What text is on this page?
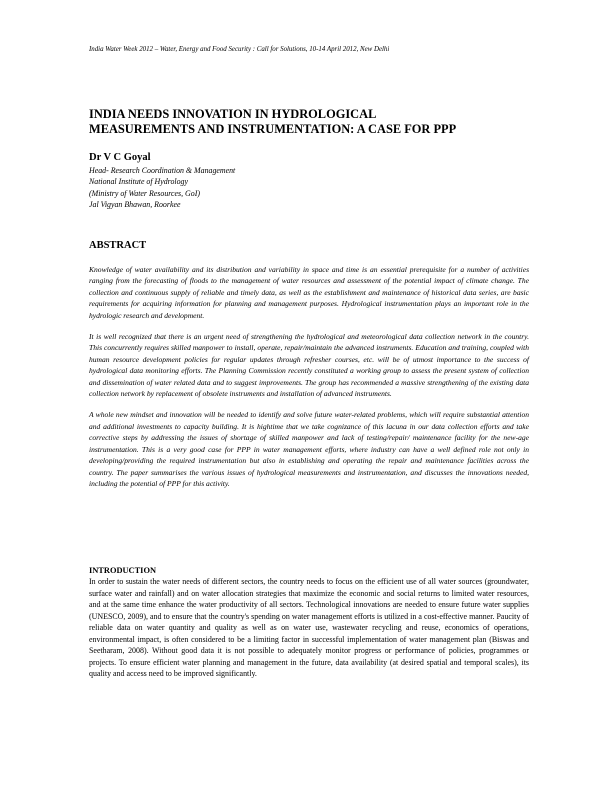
India Water Week 2012 – Water, Energy and Food Security : Call for Solutions, 10-14 April 2012, New Delhi
INDIA NEEDS INNOVATION IN HYDROLOGICAL
MEASUREMENTS AND INSTRUMENTATION: A CASE FOR PPP
Dr V C Goyal
Head- Research Coordination & Management
National Institute of Hydrology
(Ministry of Water Resources, GoI)
Jal Vigyan Bhawan, Roorkee
ABSTRACT

Knowledge of water availability and its distribution and variability in space and time is an essential prerequisite for a number of activities ranging from the forecasting of floods to the management of water resources and assessment of the potential impact of climate change. The collection and continuous supply of reliable and timely data, as well as the establishment and maintenance of historical data series, are basic requirements for acquiring information for planning and management purposes. Hydrological instrumentation plays an important role in the hydrologic research and development.

It is well recognized that there is an urgent need of strengthening the hydrological and meteorological data collection network in the country. This concurrently requires skilled manpower to install, operate, repair/maintain the advanced instruments. Education and training, coupled with human resource development policies for regular updates through refresher courses, etc. will be of utmost importance to the success of hydrological data monitoring efforts. The Planning Commission recently constituted a working group to assess the present system of collection and dissemination of water related data and to suggest improvements. The group has recommended a massive strengthening of the existing data collection network by replacement of obsolete instruments and installation of advanced instruments.

A whole new mindset and innovation will be needed to identify and solve future water-related problems, which will require substantial attention and additional investments to capacity building. It is hightime that we take cognizance of this lacuna in our data collection efforts and take corrective steps by addressing the issues of shortage of skilled manpower and lack of testing/repair/ maintenance facility for the new-age instrumentation. This is a very good case for PPP in water management efforts, where industry can have a well defined role not only in developing/providing the required instrumentation but also in establishing and operating the repair and maintenance facilities across the country. The paper summarises the various issues of hydrological measurements and instrumentation, and discusses the innovations needed, including the potential of PPP for this activity.

INTRODUCTION

In order to sustain the water needs of different sectors, the country needs to focus on the efficient use of all water sources (groundwater, surface water and rainfall) and on water allocation strategies that maximize the economic and social returns to limited water resources, and at the same time enhance the water productivity of all sectors. Technological innovations are needed to ensure future water supplies (UNESCO, 2009), and to ensure that the country's spending on water management efforts is utilized in a cost-effective manner. Paucity of reliable data on water quantity and quality as well as on water use, wastewater recycling and reuse, economics of operations, environmental impact, is often considered to be a limiting factor in successful implementation of water management plan (Biswas and Seetharam, 2008). Without good data it is not possible to adequately monitor progress or performance of policies, programmes or projects. To ensure efficient water planning and management in the future, data availability (at desired spatial and temporal scales), its quality and access need to be improved significantly.
